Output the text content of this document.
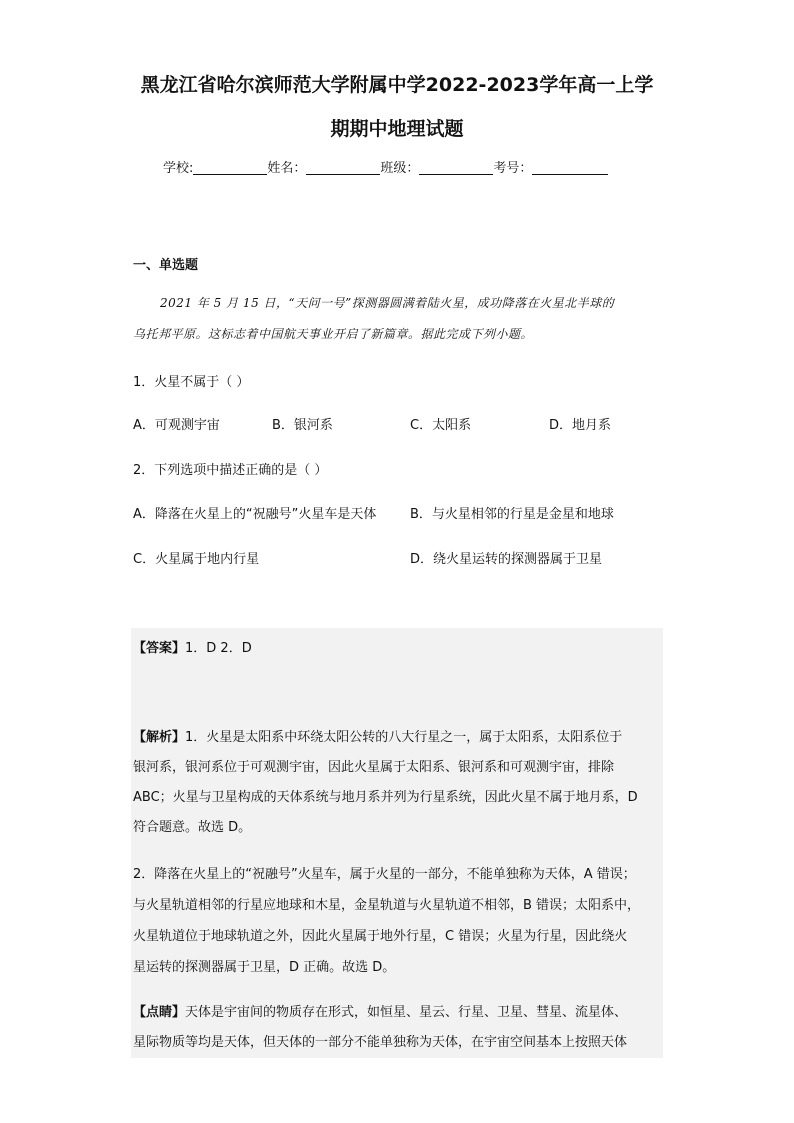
黑龙江省哈尔滨师范大学附属中学2022-2023学年高一上学
期期中地理试题
学校:	姓名：	班级：	考号：
一、单选题
2021 年 5 月 15 日，“天问一号”探测器圆满着陆火星，成功降落在火星北半球的
乌托邦平原。这标志着中国航天事业开启了新篇章。据此完成下列小题。
1．火星不属于（ ）
A．可观测宇宙	B．银河系	C．太阳系	D．地月系
2．下列选项中描述正确的是（ ）
A．降落在火星上的“祝融号”火星车是天体	B．与火星相邻的行星是金星和地球
C．火星属于地内行星	D．绕火星运转的探测器属于卫星
【答案】1．D 2．D
【解析】1．火星是太阳系中环绕太阳公转的八大行星之一，属于太阳系，太阳系位于
银河系，银河系位于可观测宇宙，因此火星属于太阳系、银河系和可观测宇宙，排除
ABC；火星与卫星构成的天体系统与地月系并列为行星系统，因此火星不属于地月系，D
符合题意。故选 D。
2．降落在火星上的“祝融号”火星车，属于火星的一部分，不能单独称为天体，A 错误；
与火星轨道相邻的行星应地球和木星，金星轨道与火星轨道不相邻，B 错误；太阳系中，
火星轨道位于地球轨道之外，因此火星属于地外行星，C 错误；火星为行星，因此绕火
星运转的探测器属于卫星，D 正确。故选 D。
【点睛】天体是宇宙间的物质存在形式，如恒星、星云、行星、卫星、彗星、流星体、
星际物质等均是天体，但天体的一部分不能单独称为天体，在宇宙空间基本上按照天体
